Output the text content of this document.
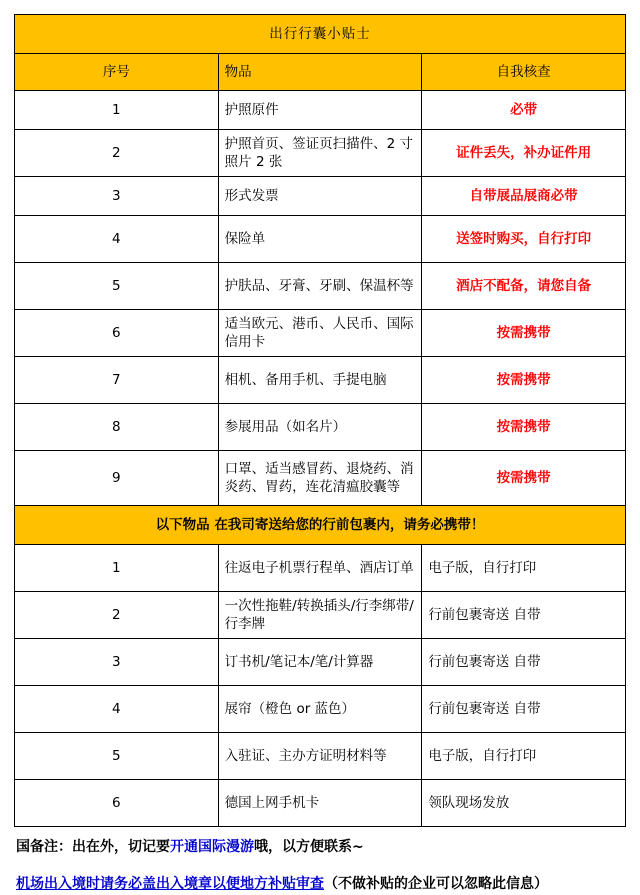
出行行囊小贴士		
序号	物品	自我核查
1	护照原件	必带
2	护照首页、签证页扫描件、2 寸照片 2 张	证件丢失，补办证件用
3	形式发票	自带展品展商必带
4	保险单	送签时购买，自行打印
5	护肤品、牙膏、牙刷、保温杯等	酒店不配备，请您自备
6	适当欧元、港币、人民币、国际信用卡	按需携带
7	相机、备用手机、手提电脑	按需携带
8	参展用品（如名片）	按需携带
9	口罩、适当感冒药、退烧药、消炎药、胃药，连花清瘟胶囊等	按需携带
以下物品 在我司寄送给您的行前包裹内，请务必携带！		
1	往返电子机票行程单、酒店订单	电子版，自行打印
2	一次性拖鞋/转换插头/行李绑带/行李牌	行前包裹寄送 自带
3	订书机/笔记本/笔/计算器	行前包裹寄送 自带
4	展帘（橙色 or 蓝色）	行前包裹寄送 自带
5	入驻证、主办方证明材料等	电子版，自行打印
6	德国上网手机卡	领队现场发放
国备注：出在外，切记要开通国际漫游哦，以方便联系~
机场出入境时请务必盖出入境章以便地方补贴审查（不做补贴的企业可以忽略此信息）
